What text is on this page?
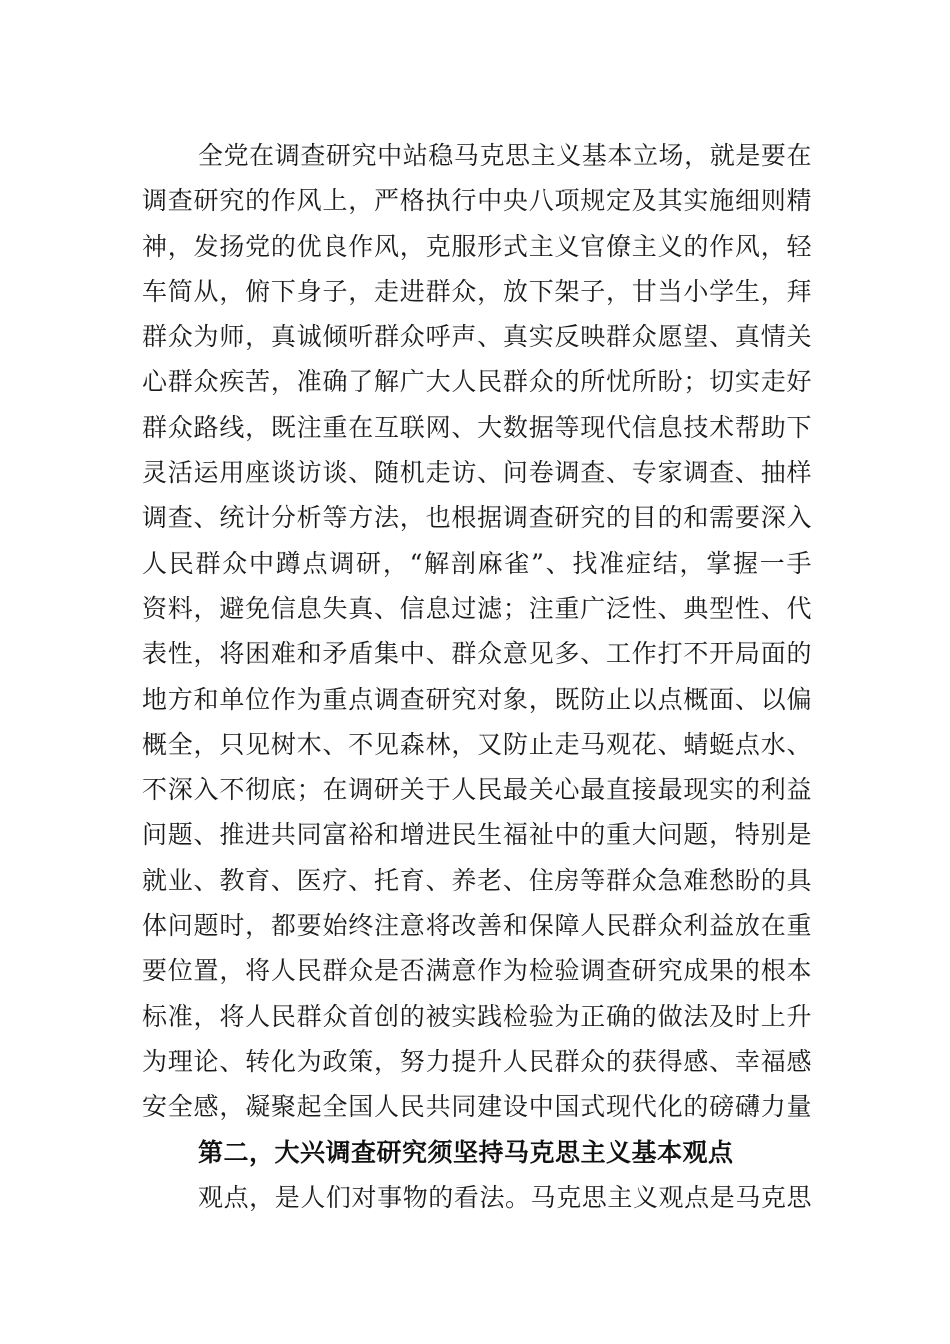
全党在调查研究中站稳马克思主义基本立场，就是要在
调查研究的作风上，严格执行中央八项规定及其实施细则精
神，发扬党的优良作风，克服形式主义官僚主义的作风，轻
车简从，俯下身子，走进群众，放下架子，甘当小学生，拜
群众为师，真诚倾听群众呼声、真实反映群众愿望、真情关
心群众疾苦，准确了解广大人民群众的所忧所盼；切实走好
群众路线，既注重在互联网、大数据等现代信息技术帮助下
灵活运用座谈访谈、随机走访、问卷调查、专家调查、抽样
调查、统计分析等方法，也根据调查研究的目的和需要深入
人民群众中蹲点调研，“解剖麻雀”、找准症结，掌握一手
资料，避免信息失真、信息过滤；注重广泛性、典型性、代
表性，将困难和矛盾集中、群众意见多、工作打不开局面的
地方和单位作为重点调查研究对象，既防止以点概面、以偏
概全，只见树木、不见森林，又防止走马观花、蜻蜓点水、
不深入不彻底；在调研关于人民最关心最直接最现实的利益
问题、推进共同富裕和增进民生福祉中的重大问题，特别是
就业、教育、医疗、托育、养老、住房等群众急难愁盼的具
体问题时，都要始终注意将改善和保障人民群众利益放在重
要位置，将人民群众是否满意作为检验调查研究成果的根本
标准，将人民群众首创的被实践检验为正确的做法及时上升
为理论、转化为政策，努力提升人民群众的获得感、幸福感
安全感，凝聚起全国人民共同建设中国式现代化的磅礴力量
第二，大兴调查研究须坚持马克思主义基本观点
观点，是人们对事物的看法。马克思主义观点是马克思
